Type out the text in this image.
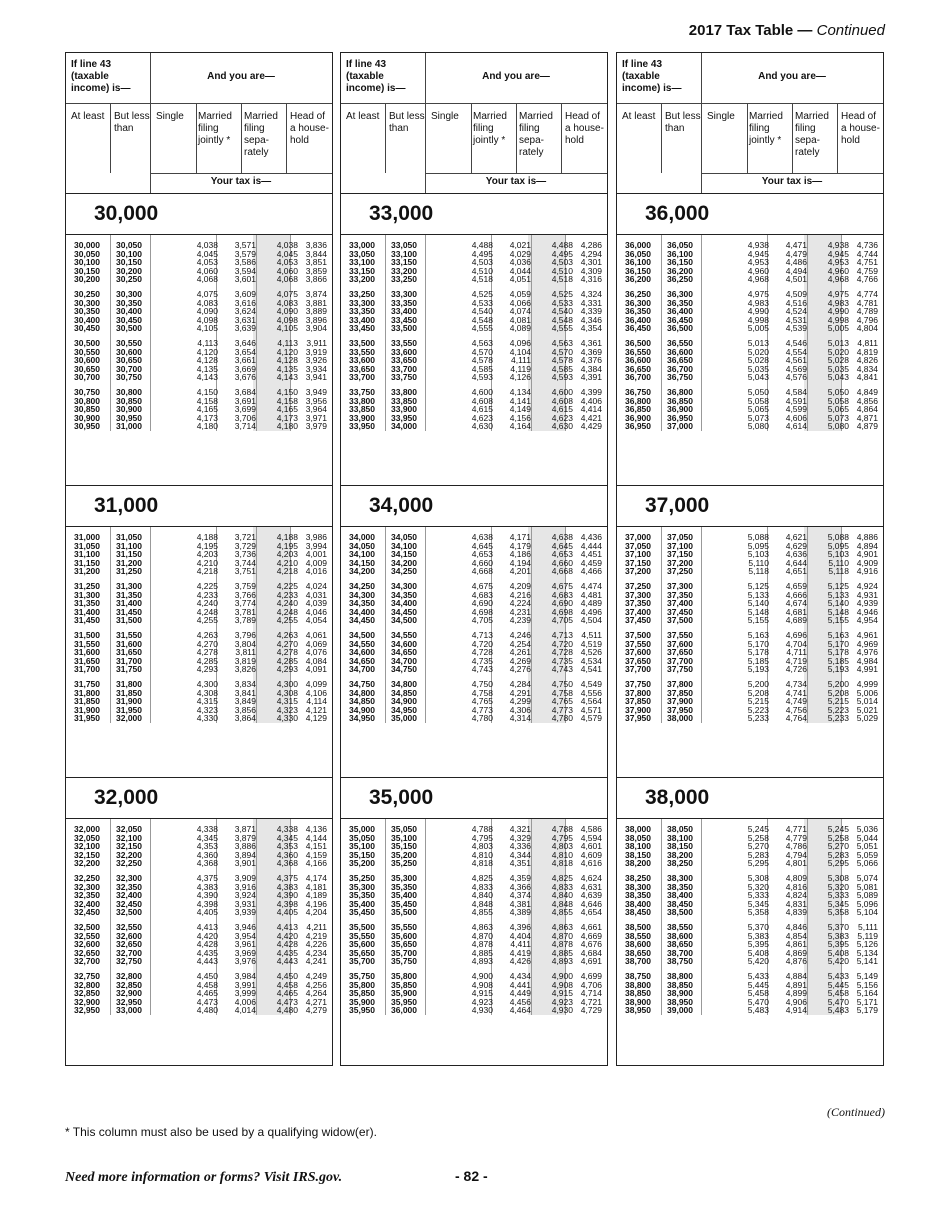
2017 Tax Table — Continued
If line 43 (taxable income) is—
And you are—
At least But less than
Single	Married filing jointly *
Married filing sepa- rately
Head of a house- hold
Your tax is—
30,000
30,000 30,050	4,038	3,571	4,038 3,836
30,050 30,100	4,045	3,579	4,045 3,844
30,100 30,150	4,053	3,586	4,053 3,851
30,150 30,200	4,060	3,594	4,060 3,859
30,200 30,250	4,068	3,601	4,068 3,866
30,250 30,300	4,075	3,609	4,075 3,874
30,300 30,350	4,083	3,616	4,083 3,881
30,350 30,400	4,090	3,624	4,090 3,889
30,400 30,450	4,098	3,631	4,098 3,896
30,450 30,500	4,105	3,639	4,105 3,904
30,500 30,550	4,113	3,646	4,113 3,911
30,550 30,600	4,120	3,654	4,120 3,919
30,600 30,650	4,128	3,661	4,128 3,926
30,650 30,700	4,135	3,669	4,135 3,934
30,700 30,750	4,143	3,676	4,143 3,941
30,750 30,800	4,150	3,684	4,150 3,949
30,800 30,850	4,158	3,691	4,158 3,956
30,850 30,900	4,165	3,699	4,165 3,964
30,900 30,950	4,173	3,706	4,173 3,971
30,950 31,000	4,180	3,714	4,180 3,979
31,000
31,000 31,050	4,188	3,721	4,188 3,986
31,050 31,100	4,195	3,729	4,195 3,994
31,100 31,150	4,203	3,736	4,203 4,001
31,150 31,200	4,210	3,744	4,210 4,009
31,200 31,250	4,218	3,751	4,218 4,016
31,250 31,300	4,225	3,759	4,225 4,024
31,300 31,350	4,233	3,766	4,233 4,031
31,350 31,400	4,240	3,774	4,240 4,039
31,400 31,450	4,248	3,781	4,248 4,046
31,450 31,500	4,255	3,789	4,255 4,054
31,500 31,550	4,263	3,796	4,263 4,061
31,550 31,600	4,270	3,804	4,270 4,069
31,600 31,650	4,278	3,811	4,278 4,076
31,650 31,700	4,285	3,819	4,285 4,084
31,700 31,750	4,293	3,826	4,293 4,091
31,750 31,800	4,300	3,834	4,300 4,099
31,800 31,850	4,308	3,841	4,308 4,106
31,850 31,900	4,315	3,849	4,315 4,114
31,900 31,950	4,323	3,856	4,323 4,121
31,950 32,000	4,330	3,864	4,330 4,129
32,000
32,000 32,050	4,338	3,871	4,338 4,136
32,050 32,100	4,345	3,879	4,345 4,144
32,100 32,150	4,353	3,886	4,353 4,151
32,150 32,200	4,360	3,894	4,360 4,159
32,200 32,250	4,368	3,901	4,368 4,166
32,250 32,300	4,375	3,909	4,375 4,174
32,300 32,350	4,383	3,916	4,383 4,181
32,350 32,400	4,390	3,924	4,390 4,189
32,400 32,450	4,398	3,931	4,398 4,196
32,450 32,500	4,405	3,939	4,405 4,204
32,500 32,550	4,413	3,946	4,413 4,211
32,550 32,600	4,420	3,954	4,420 4,219
32,600 32,650	4,428	3,961	4,428 4,226
32,650 32,700	4,435	3,969	4,435 4,234
32,700 32,750	4,443	3,976	4,443 4,241
32,750 32,800	4,450	3,984	4,450 4,249
32,800 32,850	4,458	3,991	4,458 4,256
32,850 32,900	4,465	3,999	4,465 4,264
32,900 32,950	4,473	4,006	4,473 4,271
32,950 33,000	4,480	4,014	4,480 4,279
If line 43 (taxable income) is—
And you are—
At least But less than
Single	Married filing jointly *
Married filing sepa- rately
Head of a house- hold
Your tax is—
33,000
33,000 33,050	4,488	4,021	4,488 4,286
33,050 33,100	4,495	4,029	4,495 4,294
33,100 33,150	4,503	4,036	4,503 4,301
33,150 33,200	4,510	4,044	4,510 4,309
33,200 33,250	4,518	4,051	4,518 4,316
33,250 33,300	4,525	4,059	4,525 4,324
33,300 33,350	4,533	4,066	4,533 4,331
33,350 33,400	4,540	4,074	4,540 4,339
33,400 33,450	4,548	4,081	4,548 4,346
33,450 33,500	4,555	4,089	4,555 4,354
33,500 33,550	4,563	4,096	4,563 4,361
33,550 33,600	4,570	4,104	4,570 4,369
33,600 33,650	4,578	4,111	4,578 4,376
33,650 33,700	4,585	4,119	4,585 4,384
33,700 33,750	4,593	4,126	4,593 4,391
33,750 33,800	4,600	4,134	4,600 4,399
33,800 33,850	4,608	4,141	4,608 4,406
33,850 33,900	4,615	4,149	4,615 4,414
33,900 33,950	4,623	4,156	4,623 4,421
33,950 34,000	4,630	4,164	4,630 4,429
34,000
34,000 34,050	4,638	4,171	4,638 4,436
34,050 34,100	4,645	4,179	4,645 4,444
34,100 34,150	4,653	4,186	4,653 4,451
34,150 34,200	4,660	4,194	4,660 4,459
34,200 34,250	4,668	4,201	4,668 4,466
34,250 34,300	4,675	4,209	4,675 4,474
34,300 34,350	4,683	4,216	4,683 4,481
34,350 34,400	4,690	4,224	4,690 4,489
34,400 34,450	4,698	4,231	4,698 4,496
34,450 34,500	4,705	4,239	4,705 4,504
34,500 34,550	4,713	4,246	4,713 4,511
34,550 34,600	4,720	4,254	4,720 4,519
34,600 34,650	4,728	4,261	4,728 4,526
34,650 34,700	4,735	4,269	4,735 4,534
34,700 34,750	4,743	4,276	4,743 4,541
34,750 34,800	4,750	4,284	4,750 4,549
34,800 34,850	4,758	4,291	4,758 4,556
34,850 34,900	4,765	4,299	4,765 4,564
34,900 34,950	4,773	4,306	4,773 4,571
34,950 35,000	4,780	4,314	4,780 4,579
35,000
35,000 35,050	4,788	4,321	4,788 4,586
35,050 35,100	4,795	4,329	4,795 4,594
35,100 35,150	4,803	4,336	4,803 4,601
35,150 35,200	4,810	4,344	4,810 4,609
35,200 35,250	4,818	4,351	4,818 4,616
35,250 35,300	4,825	4,359	4,825 4,624
35,300 35,350	4,833	4,366	4,833 4,631
35,350 35,400	4,840	4,374	4,840 4,639
35,400 35,450	4,848	4,381	4,848 4,646
35,450 35,500	4,855	4,389	4,855 4,654
35,500 35,550	4,863	4,396	4,863 4,661
35,550 35,600	4,870	4,404	4,870 4,669
35,600 35,650	4,878	4,411	4,878 4,676
35,650 35,700	4,885	4,419	4,885 4,684
35,700 35,750	4,893	4,426	4,893 4,691
35,750 35,800	4,900	4,434	4,900 4,699
35,800 35,850	4,908	4,441	4,908 4,706
35,850 35,900	4,915	4,449	4,915 4,714
35,900 35,950	4,923	4,456	4,923 4,721
35,950 36,000	4,930	4,464	4,930 4,729
If line 43 (taxable income) is—
And you are—
At least But less than
Single	Married filing jointly *
Married filing sepa- rately
Head of a house- hold
Your tax is—
36,000
36,000 36,050	4,938	4,471	4,938 4,736
36,050 36,100	4,945	4,479	4,945 4,744
36,100 36,150	4,953	4,486	4,953 4,751
36,150 36,200	4,960	4,494	4,960 4,759
36,200 36,250	4,968	4,501	4,968 4,766
36,250 36,300	4,975	4,509	4,975 4,774
36,300 36,350	4,983	4,516	4,983 4,781
36,350 36,400	4,990	4,524	4,990 4,789
36,400 36,450	4,998	4,531	4,998 4,796
36,450 36,500	5,005	4,539	5,005 4,804
36,500 36,550	5,013	4,546	5,013 4,811
36,550 36,600	5,020	4,554	5,020 4,819
36,600 36,650	5,028	4,561	5,028 4,826
36,650 36,700	5,035	4,569	5,035 4,834
36,700 36,750	5,043	4,576	5,043 4,841
36,750 36,800	5,050	4,584	5,050 4,849
36,800 36,850	5,058	4,591	5,058 4,856
36,850 36,900	5,065	4,599	5,065 4,864
36,900 36,950	5,073	4,606	5,073 4,871
36,950 37,000	5,080	4,614	5,080 4,879
37,000
37,000 37,050	5,088	4,621	5,088 4,886
37,050 37,100	5,095	4,629	5,095 4,894
37,100 37,150	5,103	4,636	5,103 4,901
37,150 37,200	5,110	4,644	5,110 4,909
37,200 37,250	5,118	4,651	5,118 4,916
37,250 37,300	5,125	4,659	5,125 4,924
37,300 37,350	5,133	4,666	5,133 4,931
37,350 37,400	5,140	4,674	5,140 4,939
37,400 37,450	5,148	4,681	5,148 4,946
37,450 37,500	5,155	4,689	5,155 4,954
37,500 37,550	5,163	4,696	5,163 4,961
37,550 37,600	5,170	4,704	5,170 4,969
37,600 37,650	5,178	4,711	5,178 4,976
37,650 37,700	5,185	4,719	5,185 4,984
37,700 37,750	5,193	4,726	5,193 4,991
37,750 37,800	5,200	4,734	5,200 4,999
37,800 37,850	5,208	4,741	5,208 5,006
37,850 37,900	5,215	4,749	5,215 5,014
37,900 37,950	5,223	4,756	5,223 5,021
37,950 38,000	5,233	4,764	5,233 5,029
38,000
38,000 38,050	5,245	4,771	5,245 5,036
38,050 38,100	5,258	4,779	5,258 5,044
38,100 38,150	5,270	4,786	5,270 5,051
38,150 38,200	5,283	4,794	5,283 5,059
38,200 38,250	5,295	4,801	5,295 5,066
38,250 38,300	5,308	4,809	5,308 5,074
38,300 38,350	5,320	4,816	5,320 5,081
38,350 38,400	5,333	4,824	5,333 5,089
38,400 38,450	5,345	4,831	5,345 5,096
38,450 38,500	5,358	4,839	5,358 5,104
38,500 38,550	5,370	4,846	5,370	5,111
38,550 38,600	5,383	4,854	5,383 5,119
38,600 38,650	5,395	4,861	5,395 5,126
38,650 38,700	5,408	4,869	5,408 5,134
38,700 38,750	5,420	4,876	5,420 5,141
38,750 38,800	5,433	4,884	5,433 5,149
38,800 38,850	5,445	4,891	5,445 5,156
38,850 38,900	5,458	4,899	5,458 5,164
38,900 38,950	5,470	4,906	5,470 5,171
38,950 39,000	5,483	4,914	5,483 5,179
(Continued)
* This column must also be used by a qualifying widow(er).
Need more information or forms? Visit IRS.gov.	- 82 -
